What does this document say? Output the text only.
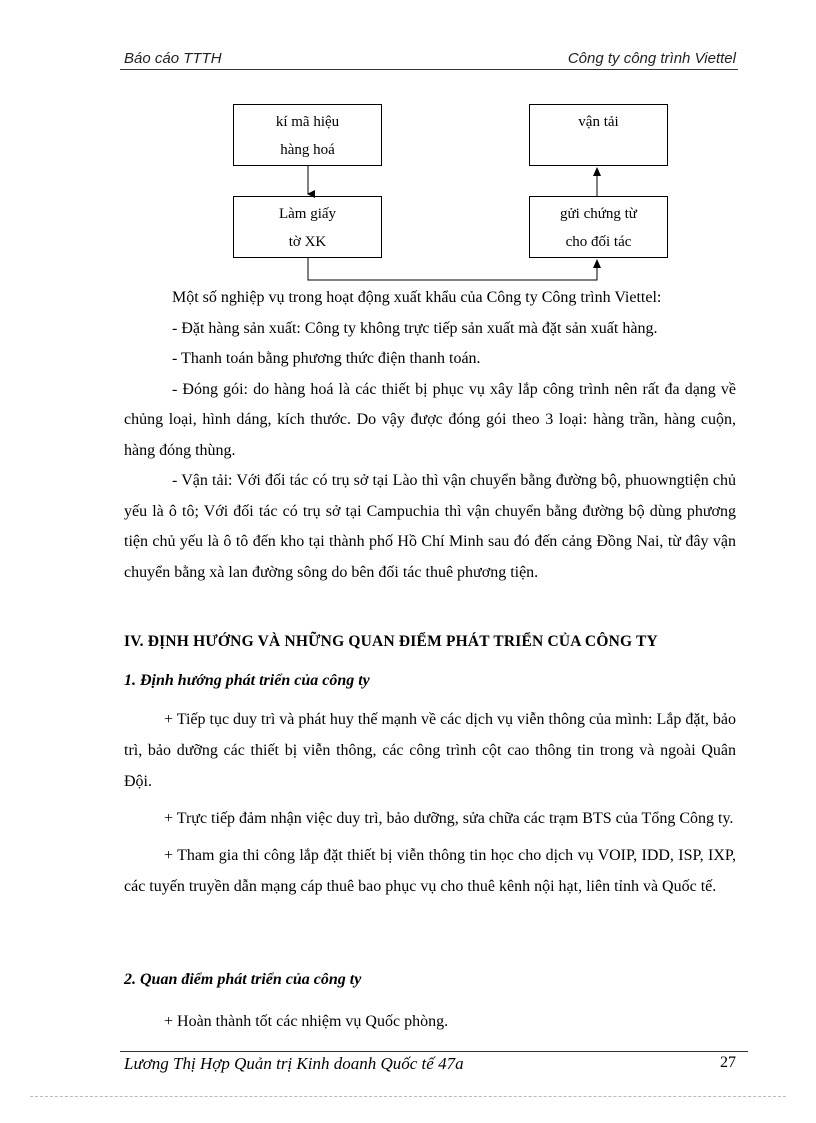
Báo cáo TTTH	Công ty công trình Viettel
kí mã hiệu
hàng hoá
Làm giấy
tờ XK
gửi chứng từ
cho đối tác
vận tải

Một số nghiệp vụ trong hoạt động xuất khẩu của Công ty Công trình Viettel:

- Đặt hàng sản xuất: Công ty không trực tiếp sản xuất mà đặt sản xuất hàng.

- Thanh toán bằng phương thức điện thanh toán.

- Đóng gói: do hàng hoá là các thiết bị phục vụ xây lắp công trình nên rất đa dạng về chủng loại, hình dáng, kích thước. Do vậy được đóng gói theo 3 loại: hàng trần, hàng cuộn, hàng đóng thùng.

- Vận tải: Với đối tác có trụ sở tại Lào thì vận chuyển bằng đường bộ, phuowngtiện chủ yếu là ô tô; Với đối tác có trụ sở tại Campuchia thì vận chuyển bằng đường bộ dùng phương tiện chủ yếu là ô tô đến kho tại thành phố Hồ Chí Minh sau đó đến cảng Đồng Nai, từ đây vận chuyển bằng xà lan đường sông do bên đối tác thuê phương tiện.

IV. ĐỊNH HƯỚNG VÀ NHỮNG QUAN ĐIỂM PHÁT TRIỂN CỦA CÔNG TY
1. Định hướng phát triển của công ty

+ Tiếp tục duy trì và phát huy thế mạnh về các dịch vụ viễn thông của mình: Lắp đặt, bảo trì, bảo dưỡng các thiết bị viễn thông, các công trình cột cao thông tin trong và ngoài Quân Đội.

+ Trực tiếp đảm nhận việc duy trì, bảo dưỡng, sửa chữa các trạm BTS của Tổng Công ty.

+ Tham gia thi công lắp đặt thiết bị viễn thông tin học cho dịch vụ VOIP, IDD, ISP, IXP, các tuyến truyền dẫn mạng cáp thuê bao phục vụ cho thuê kênh nội hạt, liên tỉnh và Quốc tế.

2. Quan điểm phát triển của công ty

+ Hoàn thành tốt các nhiệm vụ Quốc phòng.

Lương Thị Hợp Quản trị Kinh doanh Quốc tế 47a	27
